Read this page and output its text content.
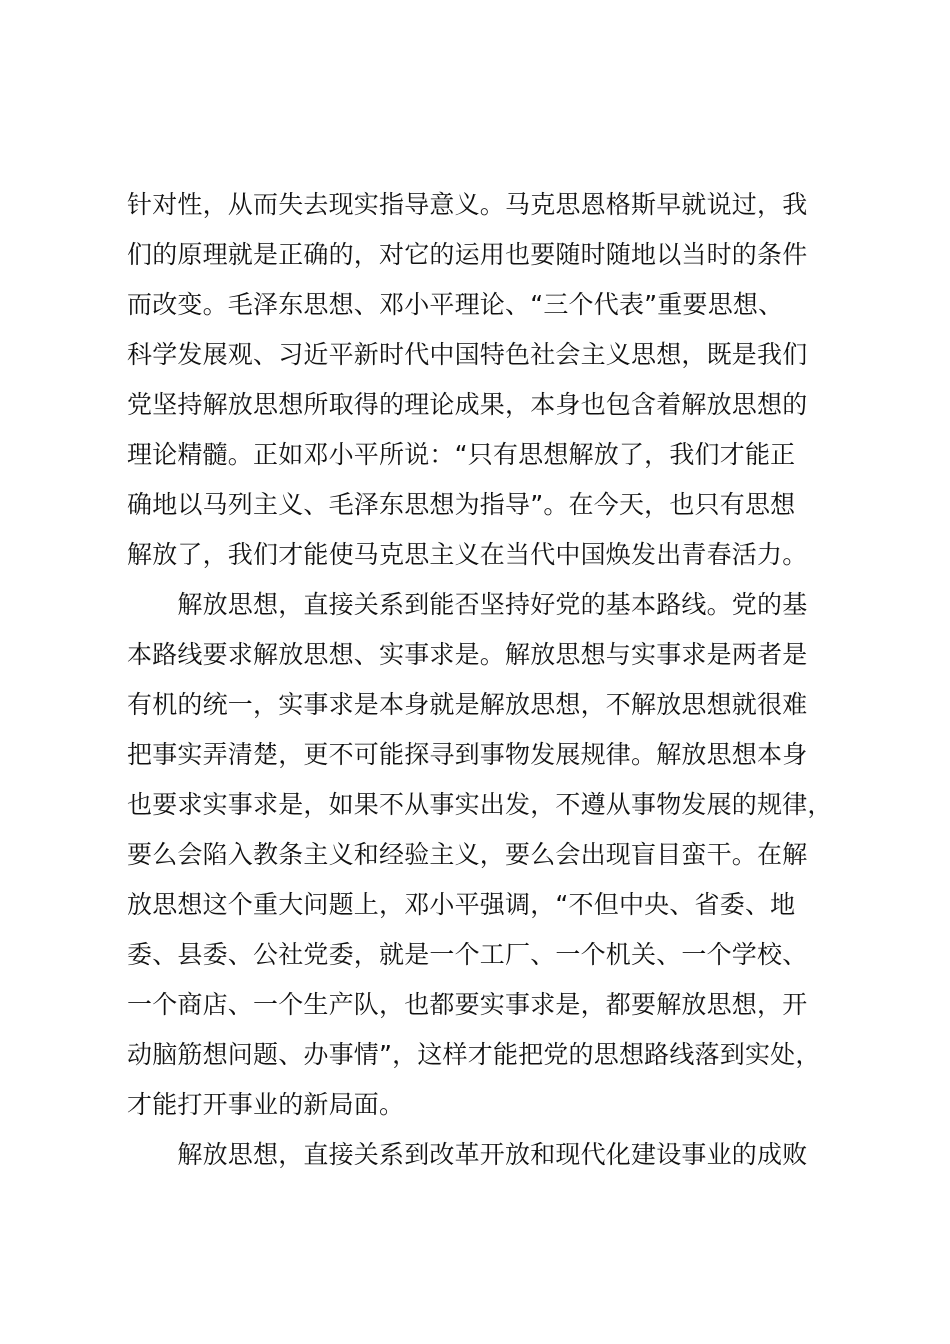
针对性，从而失去现实指导意义。马克思恩格斯早就说过，我
们的原理就是正确的，对它的运用也要随时随地以当时的条件
而改变。毛泽东思想、邓小平理论、“三个代表”重要思想、
科学发展观、习近平新时代中国特色社会主义思想，既是我们
党坚持解放思想所取得的理论成果，本身也包含着解放思想的
理论精髓。正如邓小平所说：“只有思想解放了，我们才能正
确地以马列主义、毛泽东思想为指导”。在今天，也只有思想
解放了，我们才能使马克思主义在当代中国焕发出青春活力。
　　解放思想，直接关系到能否坚持好党的基本路线。党的基
本路线要求解放思想、实事求是。解放思想与实事求是两者是
有机的统一，实事求是本身就是解放思想，不解放思想就很难
把事实弄清楚，更不可能探寻到事物发展规律。解放思想本身
也要求实事求是，如果不从事实出发，不遵从事物发展的规律，
要么会陷入教条主义和经验主义，要么会出现盲目蛮干。在解
放思想这个重大问题上，邓小平强调，“不但中央、省委、地
委、县委、公社党委，就是一个工厂、一个机关、一个学校、
一个商店、一个生产队，也都要实事求是，都要解放思想，开
动脑筋想问题、办事情”，这样才能把党的思想路线落到实处，
才能打开事业的新局面。
　　解放思想，直接关系到改革开放和现代化建设事业的成败
